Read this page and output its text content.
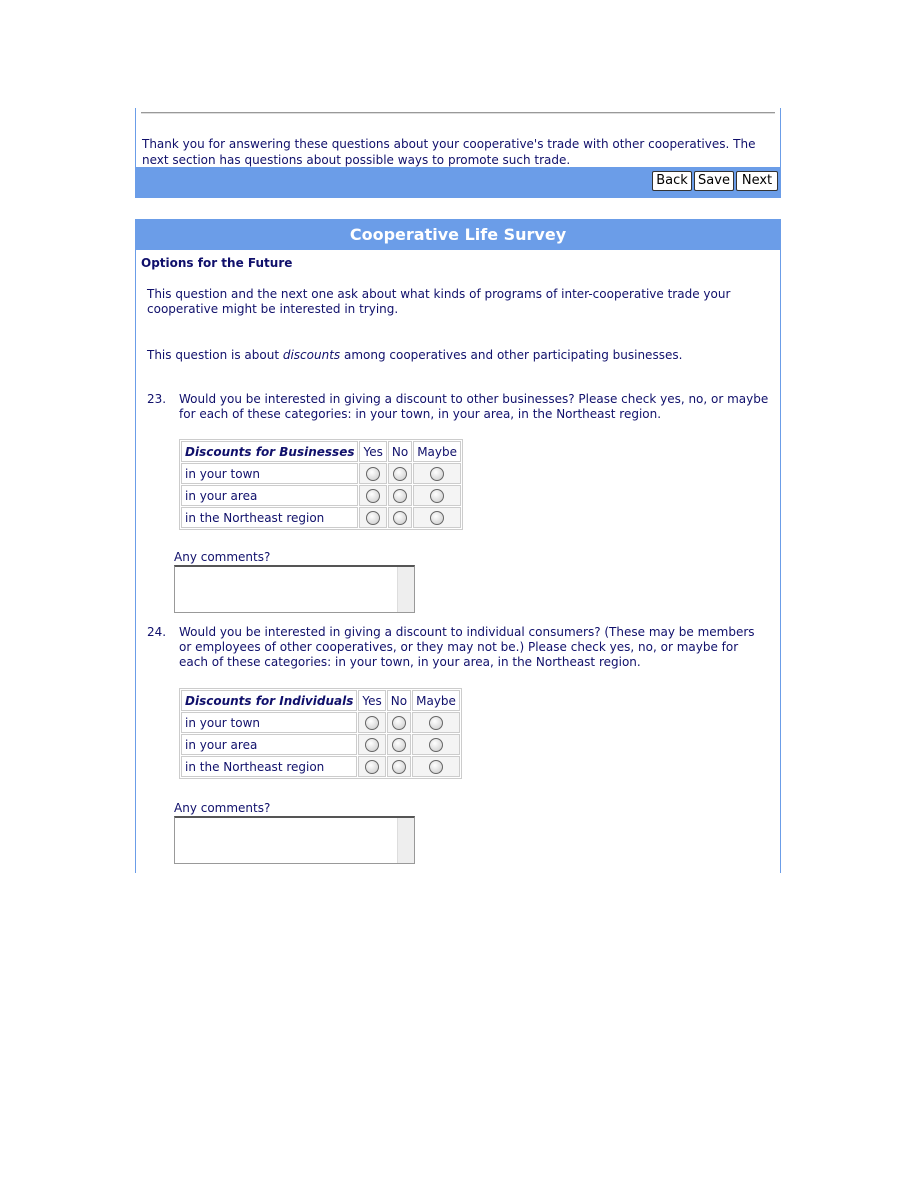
Thank you for answering these questions about your cooperative's trade with other cooperatives. The next section has questions about possible ways to promote such trade.
Back Save Next
Cooperative Life Survey
Options for the Future
This question and the next one ask about what kinds of programs of inter-cooperative trade your cooperative might be interested in trying.
This question is about discounts among cooperatives and other participating businesses.
23. Would you be interested in giving a discount to other businesses? Please check yes, no, or maybe for each of these categories: in your town, in your area, in the Northeast region.
Discounts for Businesses	Yes	No	Maybe
in your town			
in your area			
in the Northeast region			
Any comments?
24. Would you be interested in giving a discount to individual consumers? (These may be members or employees of other cooperatives, or they may not be.) Please check yes, no, or maybe for each of these categories: in your town, in your area, in the Northeast region.
Discounts for Individuals	Yes	No	Maybe
in your town			
in your area			
in the Northeast region			
Any comments?
